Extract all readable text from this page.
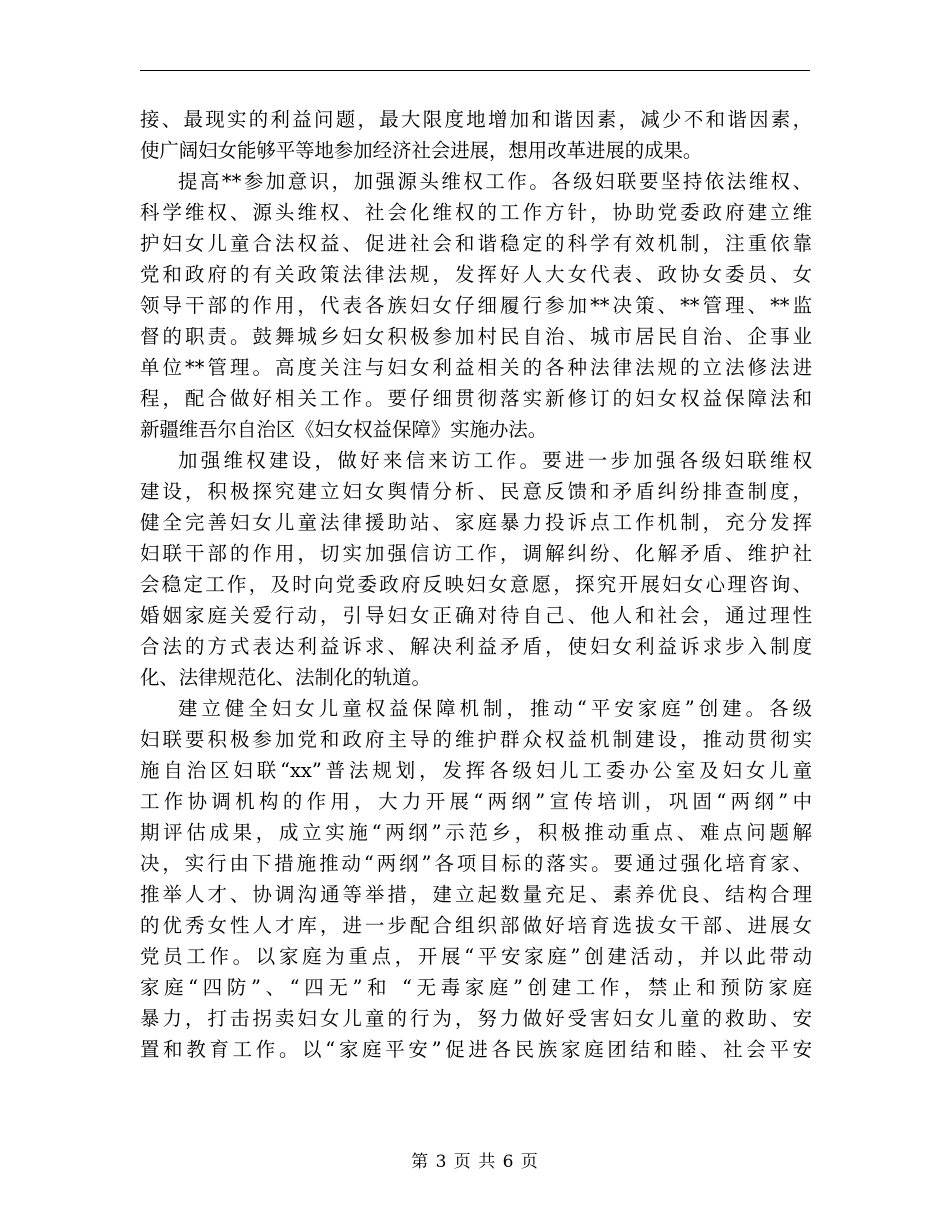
接、最现实的利益问题，最大限度地增加和谐因素，减少不和谐因素，
使广阔妇女能够平等地参加经济社会进展，想用改革进展的成果。
提高**参加意识，加强源头维权工作。各级妇联要坚持依法维权、
科学维权、源头维权、社会化维权的工作方针，协助党委政府建立维
护妇女儿童合法权益、促进社会和谐稳定的科学有效机制，注重依靠
党和政府的有关政策法律法规，发挥好人大女代表、政协女委员、女
领导干部的作用，代表各族妇女仔细履行参加**决策、**管理、**监
督的职责。鼓舞城乡妇女积极参加村民自治、城市居民自治、企事业
单位**管理。高度关注与妇女利益相关的各种法律法规的立法修法进
程，配合做好相关工作。要仔细贯彻落实新修订的妇女权益保障法和
新疆维吾尔自治区《妇女权益保障》实施办法。
加强维权建设，做好来信来访工作。要进一步加强各级妇联维权
建设，积极探究建立妇女舆情分析、民意反馈和矛盾纠纷排查制度，
健全完善妇女儿童法律援助站、家庭暴力投诉点工作机制，充分发挥
妇联干部的作用，切实加强信访工作，调解纠纷、化解矛盾、维护社
会稳定工作，及时向党委政府反映妇女意愿，探究开展妇女心理咨询、
婚姻家庭关爱行动，引导妇女正确对待自己、他人和社会，通过理性
合法的方式表达利益诉求、解决利益矛盾，使妇女利益诉求步入制度
化、法律规范化、法制化的轨道。
建立健全妇女儿童权益保障机制，推动“平安家庭”创建。各级
妇联要积极参加党和政府主导的维护群众权益机制建设，推动贯彻实
施自治区妇联“xx”普法规划，发挥各级妇儿工委办公室及妇女儿童
工作协调机构的作用，大力开展“两纲”宣传培训，巩固“两纲”中
期评估成果，成立实施“两纲”示范乡，积极推动重点、难点问题解
决，实行由下措施推动“两纲”各项目标的落实。要通过强化培育家、
推举人才、协调沟通等举措，建立起数量充足、素养优良、结构合理
的优秀女性人才库，进一步配合组织部做好培育选拔女干部、进展女
党员工作。以家庭为重点，开展“平安家庭”创建活动，并以此带动
家庭“四防”、“四无”和 “无毒家庭”创建工作，禁止和预防家庭
暴力，打击拐卖妇女儿童的行为，努力做好受害妇女儿童的救助、安
置和教育工作。以“家庭平安”促进各民族家庭团结和睦、社会平安
第 3 页 共 6 页
